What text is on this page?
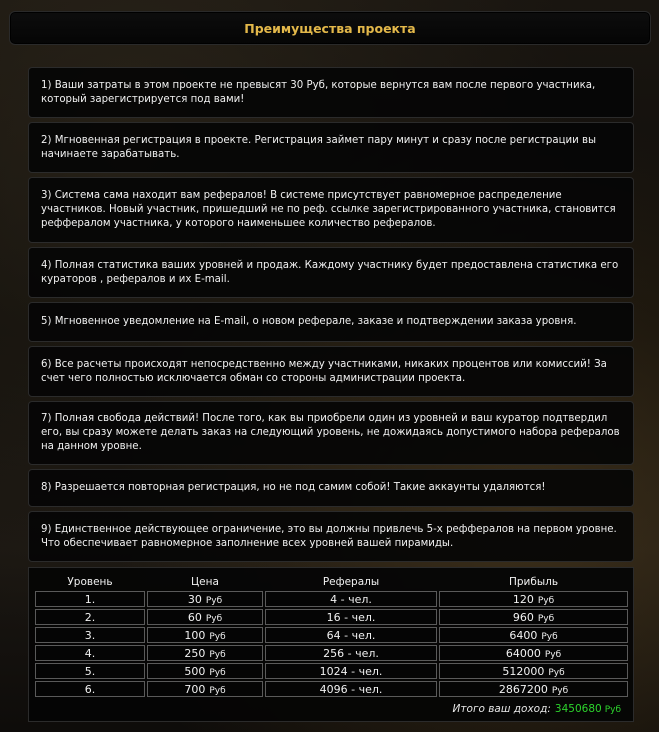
Преимущества проекта
1) Ваши затраты в этом проекте не превысят 30 Руб, которые вернутся вам после первого участника, который зарегистрируется под вами!
2) Мгновенная регистрация в проекте. Регистрация займет пару минут и сразу после регистрации вы начинаете зарабатывать.
3) Система сама находит вам рефералов! В системе присутствует равномерное распределение участников. Новый участник, пришедший не по реф. ссылке зарегистрированного участника, становится рефферaлом участника, у которого наименьшее количество рефералов.
4) Полная статистика ваших уровней и продаж. Каждому участнику будет предоставлена статистика его кураторов , рефералов и их E-mail.
5) Мгновенное уведомление на E-mail, о новом реферале, заказе и подтверждении заказа уровня.
6) Все расчеты происходят непосредственно между участниками, никаких процентов или комиссий! За счет чего полностью исключается обман со стороны администрации проекта.
7) Полная свобода действий! После того, как вы приобрели один из уровней и ваш куратор подтвердил его, вы сразу можете делать заказ на следующий уровень, не дожидаясь допустимого набора рефералов на данном уровне.
8) Разрешается повторная регистрация, но не под самим собой! Такие аккаунты удаляются!
9) Единственное действующее ограничение, это вы должны привлечь 5-х рефферaлов на первом уровне. Что обеспечивает равномерное заполнение всех уровней вашей пирамиды.
Уровень	Цена	Рефералы	Прибыль
1.	30 Руб	4 - чел.	120 Руб
2.	60 Руб	16 - чел.	960 Руб
3.	100 Руб	64 - чел.	6400 Руб
4.	250 Руб	256 - чел.	64000 Руб
5.	500 Руб	1024 - чел.	512000 Руб
6.	700 Руб	4096 - чел.	2867200 Руб
Итого ваш доход: 3450680 Руб
